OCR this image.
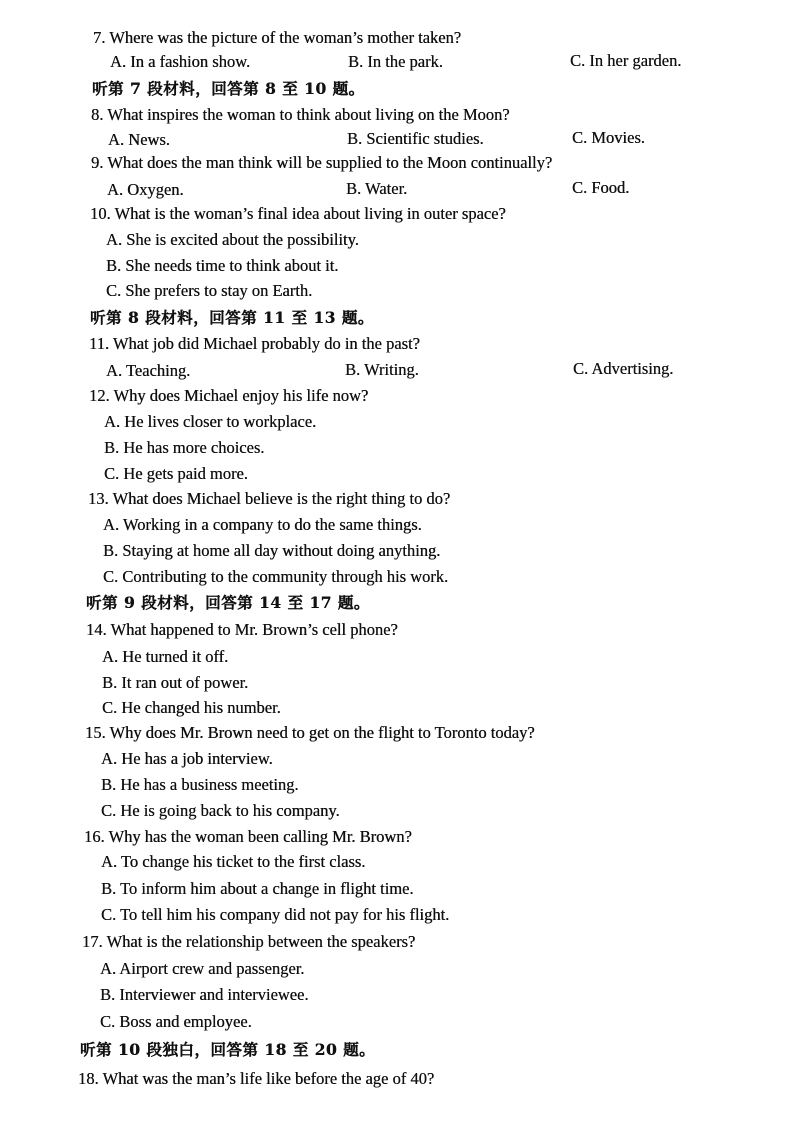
7. Where was the picture of the woman’s mother taken?
A. In a fashion show.	B. In the park.	C. In her garden.
听第 7 段材料，回答第 8 至 10 题。
8. What inspires the woman to think about living on the Moon?
A. News.	B. Scientific studies.	C. Movies.
9. What does the man think will be supplied to the Moon continually?
A. Oxygen.	B. Water.	C. Food.
10. What is the woman’s final idea about living in outer space?
A. She is excited about the possibility.
B. She needs time to think about it.
C. She prefers to stay on Earth.
听第 8 段材料，回答第 11 至 13 题。
11. What job did Michael probably do in the past?
A. Teaching.	B. Writing.	C. Advertising.
12. Why does Michael enjoy his life now?
A. He lives closer to workplace.
B. He has more choices.
C. He gets paid more.
13. What does Michael believe is the right thing to do?
A. Working in a company to do the same things.
B. Staying at home all day without doing anything.
C. Contributing to the community through his work.
听第 9 段材料，回答第 14 至 17 题。
14. What happened to Mr. Brown’s cell phone?
A. He turned it off.
B. It ran out of power.
C. He changed his number.
15. Why does Mr. Brown need to get on the flight to Toronto today?
A. He has a job interview.
B. He has a business meeting.
C. He is going back to his company.
16. Why has the woman been calling Mr. Brown?
A. To change his ticket to the first class.
B. To inform him about a change in flight time.
C. To tell him his company did not pay for his flight.
17. What is the relationship between the speakers?
A. Airport crew and passenger.
B. Interviewer and interviewee.
C. Boss and employee.
听第 10 段独白，回答第 18 至 20 题。
18. What was the man’s life like before the age of 40?
